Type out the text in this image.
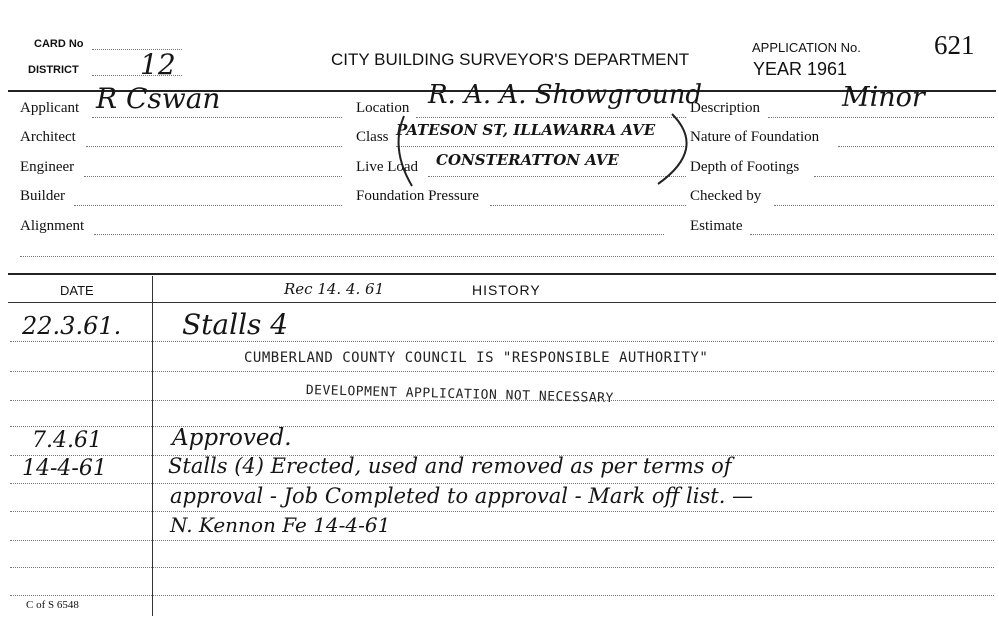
CARD No
DISTRICT 12	CITY BUILDING SURVEYOR'S DEPARTMENT
APPLICATION No.	621
YEAR 1961
Applicant R Cswan
Architect
Engineer
Builder
Alignment
Location R. A. A. Showground
Class PATESON ST, ILLAWARRA AVE
Live Load CONSTERATTON AVE
Foundation Pressure
Description	Minor
Nature of Foundation
Depth of Footings
Checked by
Estimate
DATE	Rec 14. 4. 61	HISTORY
22.3.61. Stalls 4
CUMBERLAND COUNTY COUNCIL IS "RESPONSIBLE AUTHORITY"
DEVELOPMENT APPLICATION NOT NECESSARY
7.4.61	Approved.
14-4-61	Stalls (4) Erected, used and removed as per terms of
approval - Job Completed to approval - Mark off list. —
N. Kennon Fe 14-4-61
C of S 6548
